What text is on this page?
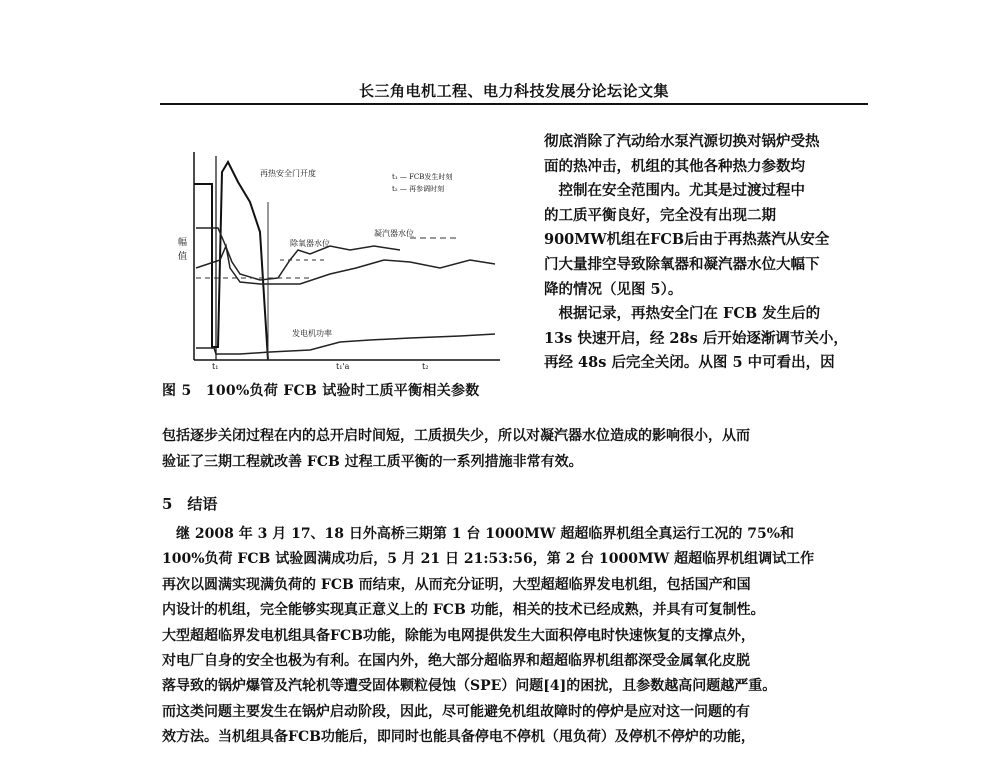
长三角电机工程、电力科技发展分论坛论文集
再热安全门开度	t₁ — FCB发生时刻
t₂ — 再参调时刻
除氧器水位
凝汽器水位
发电机功率
幅
值
t₁	t₁'a	t₂
图 5　100%负荷 FCB 试验时工质平衡相关参数
彻底消除了汽动给水泵汽源切换对锅炉受热
面的热冲击，机组的其他各种热力参数均
　控制在安全范围内。尤其是过渡过程中
的工质平衡良好，完全没有出现二期
900MW机组在FCB后由于再热蒸汽从安全
门大量排空导致除氧器和凝汽器水位大幅下
降的情况（见图 5）。
　根据记录，再热安全门在 FCB 发生后的
13s 快速开启，经 28s 后开始逐渐调节关小，
再经 48s 后完全关闭。从图 5 中可看出，因
包括逐步关闭过程在内的总开启时间短，工质损失少，所以对凝汽器水位造成的影响很小，从而
验证了三期工程就改善 FCB 过程工质平衡的一系列措施非常有效。
5　结语
　继 2008 年 3 月 17、18 日外高桥三期第 1 台 1000MW 超超临界机组全真运行工况的 75%和
100%负荷 FCB 试验圆满成功后，5 月 21 日 21:53:56，第 2 台 1000MW 超超临界机组调试工作
再次以圆满实现满负荷的 FCB 而结束，从而充分证明，大型超超临界发电机组，包括国产和国
内设计的机组，完全能够实现真正意义上的 FCB 功能，相关的技术已经成熟，并具有可复制性。
大型超超临界发电机组具备FCB功能，除能为电网提供发生大面积停电时快速恢复的支撑点外，
对电厂自身的安全也极为有利。在国内外，绝大部分超临界和超超临界机组都深受金属氧化皮脱
落导致的锅炉爆管及汽轮机等遭受固体颗粒侵蚀（SPE）问题[4]的困扰，且参数越高问题越严重。
而这类问题主要发生在锅炉启动阶段，因此，尽可能避免机组故障时的停炉是应对这一问题的有
效方法。当机组具备FCB功能后，即同时也能具备停电不停机（甩负荷）及停机不停炉的功能，
